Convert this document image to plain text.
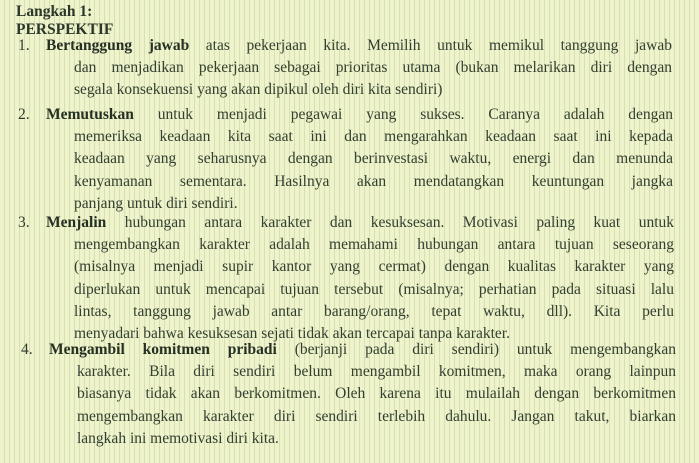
Langkah 1:
PERSPEKTIF
1. Bertanggung jawab atas pekerjaan kita. Memilih untuk memikul tanggung jawab
dan menjadikan pekerjaan sebagai prioritas utama (bukan melarikan diri dengan
segala konsekuensi yang akan dipikul oleh diri kita sendiri)
2. Memutuskan untuk menjadi pegawai yang sukses. Caranya adalah dengan
memeriksa keadaan kita saat ini dan mengarahkan keadaan saat ini kepada
keadaan yang seharusnya dengan berinvestasi waktu, energi dan menunda
kenyamanan sementara. Hasilnya akan mendatangkan keuntungan jangka
panjang untuk diri sendiri.
3. Menjalin hubungan antara karakter dan kesuksesan. Motivasi paling kuat untuk
mengembangkan karakter adalah memahami hubungan antara tujuan seseorang
(misalnya menjadi supir kantor yang cermat) dengan kualitas karakter yang
diperlukan untuk mencapai tujuan tersebut (misalnya; perhatian pada situasi lalu
lintas, tanggung jawab antar barang/orang, tepat waktu, dll). Kita perlu
menyadari bahwa kesuksesan sejati tidak akan tercapai tanpa karakter.
4. Mengambil komitmen pribadi (berjanji pada diri sendiri) untuk mengembangkan
karakter. Bila diri sendiri belum mengambil komitmen, maka orang lainpun
biasanya tidak akan berkomitmen. Oleh karena itu mulailah dengan berkomitmen
mengembangkan karakter diri sendiri terlebih dahulu. Jangan takut, biarkan
langkah ini memotivasi diri kita.
